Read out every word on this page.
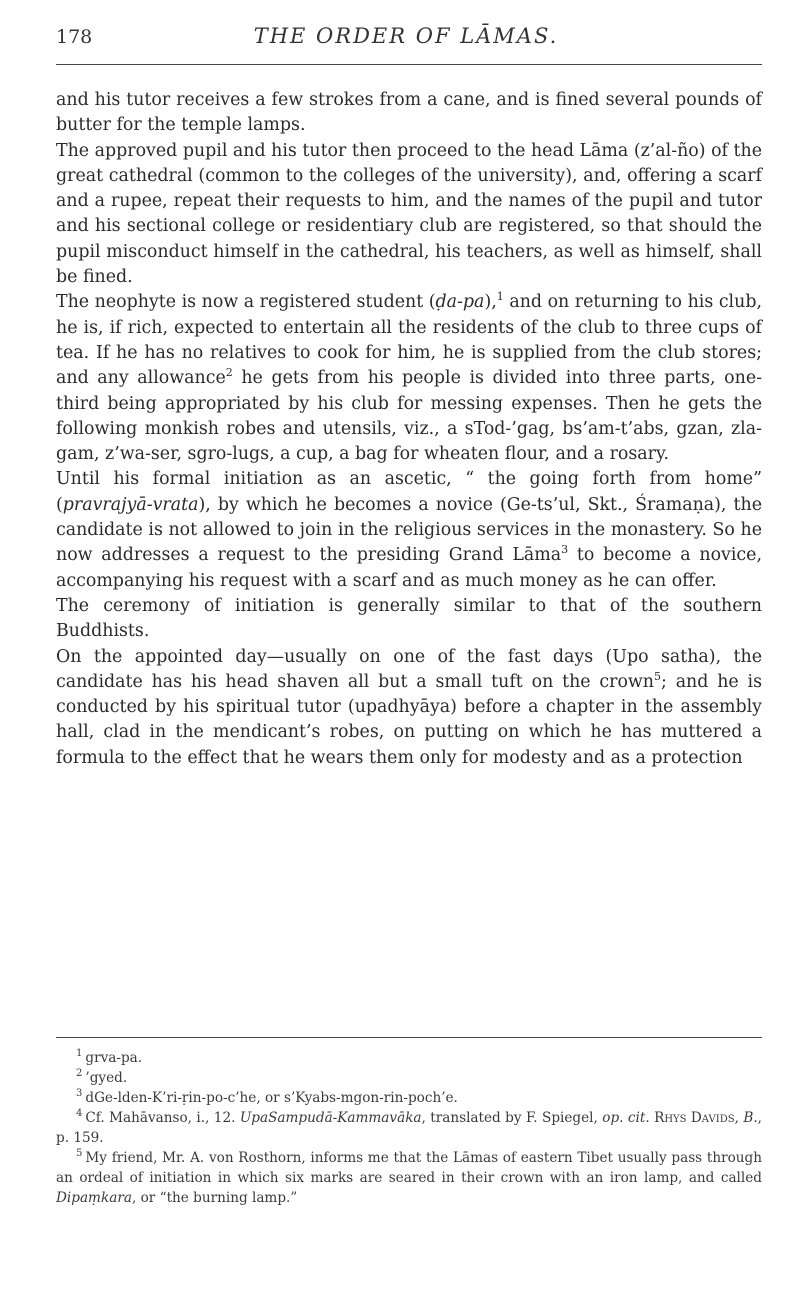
178	THE ORDER OF LĀMAS.

and his tutor receives a few strokes from a cane, and is fined several pounds of butter for the temple lamps.

The approved pupil and his tutor then proceed to the head Lāma (z’al-ño) of the great cathedral (common to the colleges of the university), and, offering a scarf and a rupee, repeat their requests to him, and the names of the pupil and tutor and his sectional college or residentiary club are registered, so that should the pupil misconduct himself in the cathedral, his teachers, as well as himself, shall be fined.

The neophyte is now a registered student (ḍa-pa),$^1$ and on returning to his club, he is, if rich, expected to entertain all the residents of the club to three cups of tea. If he has no relatives to cook for him, he is supplied from the club stores; and any allowance$^2$ he gets from his people is divided into three parts, one-third being appropriated by his club for messing expenses. Then he gets the following monkish robes and utensils, viz., a sTod-’gag, bs’am-t’abs, gzan, zla-gam, z’wa-ser, sgro-lugs, a cup, a bag for wheaten flour, and a rosary.

Until his formal initiation as an ascetic, “ the going forth from home” (pravrajyā-vrata), by which he becomes a novice (Ge-ts’ul, Skt., Śramaṇa), the candidate is not allowed to join in the religious services in the monastery. So he now addresses a request to the presiding Grand Lāma$^3$ to become a novice, accompanying his request with a scarf and as much money as he can offer.

The ceremony of initiation is generally similar to that of the southern Buddhists.

On the appointed day—usually on one of the fast days (Upo satha), the candidate has his head shaven all but a small tuft on the crown$^5$; and he is conducted by his spiritual tutor (upadhyāya) before a chapter in the assembly hall, clad in the mendicant’s robes, on putting on which he has muttered a formula to the effect that he wears them only for modesty and as a protection

$^1$ grva-pa.

$^2$ ’gyed.

$^3$ dGe-lden-K’ri-ṛin-po-c’he, or s’Kyabs-mgon-rin-poch’e.

$^4$ Cf. Mahāvanso, i., 12. UpaSampudā-Kammavāka, translated by F. Spiegel, op. cit. Rhys Davids, B., p. 159.

$^5$ My friend, Mr. A. von Rosthorn, informs me that the Lāmas of eastern Tibet usually pass through an ordeal of initiation in which six marks are seared in their crown with an iron lamp, and called Dipaṃkara, or “the burning lamp.”
